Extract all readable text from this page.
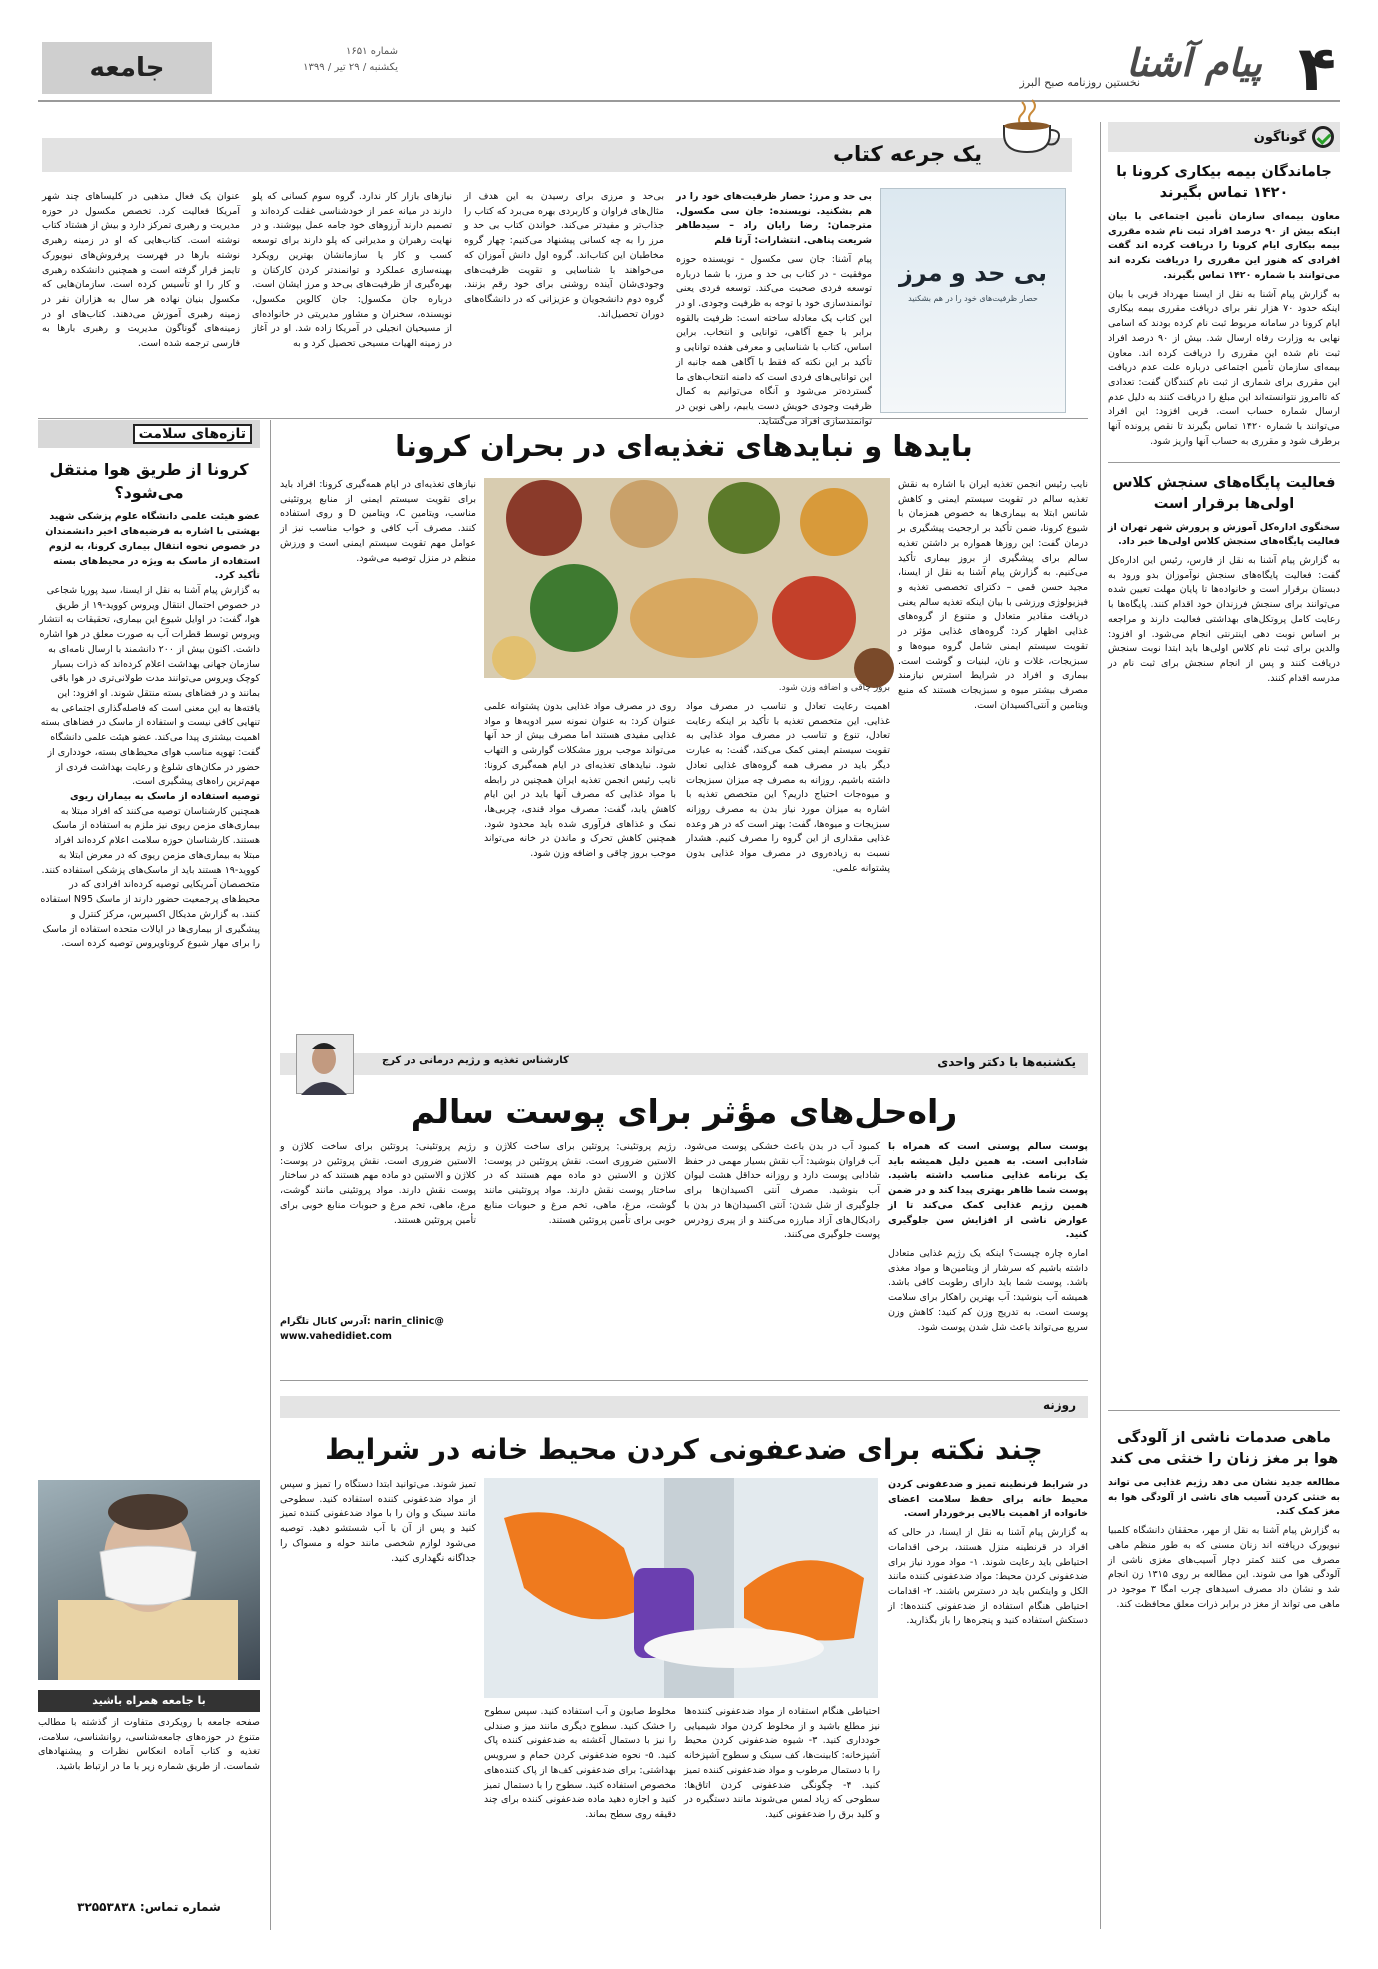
۴
پیام آشنا
نخستین روزنامه صبح البرز
شماره ۱۶۵۱
یکشنبه / ۲۹ تیر / ۱۳۹۹
جامعه
گوناگون
جاماندگان بیمه بیکاری کرونا با ۱۴۲۰ تماس بگیرند

معاون بیمه‌ای سازمان تأمین اجتماعی با بیان اینکه بیش از ۹۰ درصد افراد ثبت نام شده مقرری بیمه بیکاری ایام کرونا را دریافت کرده اند گفت افرادی که هنوز این مقرری را دریافت نکرده اند می‌توانند با شماره ۱۴۲۰ تماس بگیرند.

به گزارش پیام آشنا به نقل از ایسنا مهرداد قربی با بیان اینکه حدود ۷۰ هزار نفر برای دریافت مقرری بیمه بیکاری ایام کرونا در سامانه مربوط ثبت نام کرده بودند که اسامی نهایی به وزارت رفاه ارسال شد. بیش از ۹۰ درصد افراد ثبت نام شده این مقرری را دریافت کرده اند. معاون بیمه‌ای سازمان تأمین اجتماعی درباره علت عدم دریافت این مقرری برای شماری از ثبت نام کنندگان گفت: تعدادی که تاامروز نتوانسته‌اند این مبلغ را دریافت کنند به دلیل عدم ارسال شماره حساب است. قربی افزود: این افراد می‌توانند با شماره ۱۴۲۰ تماس بگیرند تا نقص پرونده آنها برطرف شود و مقرری به حساب آنها واریز شود.

فعالیت پایگاه‌های سنجش کلاس اولی‌ها برقرار است

سخنگوی اداره‌کل آموزش و پرورش شهر تهران از فعالیت پایگاه‌های سنجش کلاس اولی‌ها خبر داد.

به گزارش پیام آشنا به نقل از فارس، رئیس این اداره‌کل گفت: فعالیت پایگاه‌های سنجش نوآموزان بدو ورود به دبستان برقرار است و خانواده‌ها تا پایان مهلت تعیین شده می‌توانند برای سنجش فرزندان خود اقدام کنند. پایگاه‌ها با رعایت کامل پروتکل‌های بهداشتی فعالیت دارند و مراجعه بر اساس نوبت دهی اینترنتی انجام می‌شود. او افزود: والدین برای ثبت نام کلاس اولی‌ها باید ابتدا نوبت سنجش دریافت کنند و پس از انجام سنجش برای ثبت نام در مدرسه اقدام کنند.

ماهی صدمات ناشی از آلودگی هوا بر مغز زنان را خنثی می کند

مطالعه جدید نشان می دهد رژیم غذایی می تواند به خنثی کردن آسیب های ناشی از آلودگی هوا به مغز کمک کند.

به گزارش پیام آشنا به نقل از مهر، محققان دانشگاه کلمبیا نیویورک دریافته اند زنان مسنی که به طور منظم ماهی مصرف می کنند کمتر دچار آسیب‌های مغزی ناشی از آلودگی هوا می شوند. این مطالعه بر روی ۱۳۱۵ زن انجام شد و نشان داد مصرف اسیدهای چرب امگا ۳ موجود در ماهی می تواند از مغز در برابر ذرات معلق محافظت کند.

یک جرعه کتاب
بی حد و مرز
حصار ظرفیت‌های خود را در هم بشکنید

بی حد و مرز: حصار ظرفیت‌های خود را در هم بشکنید. نویسنده: جان سی مکسول. مترجمان: رضا رایان راد – سیدطاهر شریعت پناهی. انتشارات: آرتا قلم

پیام آشنا: جان سی مکسول - نویسنده حوزه موفقیت - در کتاب بی حد و مرز، با شما درباره توسعه فردی صحبت می‌کند. توسعه فردی یعنی توانمندسازی خود با توجه به ظرفیت وجودی. او در این کتاب یک معادله ساخته است: ظرفیت بالقوه برابر با جمع آگاهی، توانایی و انتخاب. براین اساس، کتاب با شناسایی و معرفی هفده توانایی و تأکید بر این نکته که فقط با آگاهی همه جانبه از این توانایی‌های فردی است که دامنه انتخاب‌های ما گسترده‌تر می‌شود و آنگاه می‌توانیم به کمال ظرفیت وجودی خویش دست یابیم، راهی نوین در توانمندسازی افراد می‌گشاید.

بی‌حد و مرزی برای رسیدن به این هدف از مثال‌های فراوان و کاربردی بهره می‌برد که کتاب را جذاب‌تر و مفیدتر می‌کند. خواندن کتاب بی حد و مرز را به چه کسانی پیشنهاد می‌کنیم: چهار گروه مخاطبان این کتاب‌اند. گروه اول دانش آموزان که می‌خواهند با شناسایی و تقویت ظرفیت‌های وجودی‌شان آینده روشنی برای خود رقم بزنند. گروه دوم دانشجویان و عزیزانی که در دانشگاه‌های دوران تحصیل‌اند.

نیازهای بازار کار ندارد. گروه سوم کسانی که پلو دارند در میانه عمر از خودشناسی غفلت کرده‌اند و تصمیم دارند آرزوهای خود جامه عمل بپوشند. و در نهایت رهبران و مدیرانی که پلو دارند برای توسعه کسب و کار یا سازمانشان بهترین رویکرد بهینه‌سازی عملکرد و توانمندتر کردن کارکنان و بهره‌گیری از ظرفیت‌های بی‌حد و مرز ایشان است. درباره جان مکسول: جان کالوین مکسول، نویسنده، سخنران و مشاور مدیریتی در خانواده‌ای از مسیحیان انجیلی در آمریکا زاده شد. او در آغاز در زمینه الهیات مسیحی تحصیل کرد و به

عنوان یک فعال مذهبی در کلیساهای چند شهر آمریکا فعالیت کرد. تخصص مکسول در حوزه مدیریت و رهبری تمرکز دارد و بیش از هشتاد کتاب نوشته است. کتاب‌هایی که او در زمینه رهبری نوشته بارها در فهرست پرفروش‌های نیویورک تایمز قرار گرفته است و همچنین دانشکده رهبری و کار را او تأسیس کرده است. سازمان‌هایی که مکسول بنیان نهاده هر سال به هزاران نفر در زمینه رهبری آموزش می‌دهند. کتاب‌های او در زمینه‌های گوناگون مدیریت و رهبری بارها به فارسی ترجمه شده است.

تازه‌های سلامت
کرونا از طریق هوا منتقل می‌شود؟

عضو هیئت علمی دانشگاه علوم پزشکی شهید بهشتی با اشاره به فرضیه‌های اخیر دانشمندان در خصوص نحوه انتقال بیماری کرونا، به لزوم استفاده از ماسک به ویژه در محیط‌های بسته تأکید کرد.

به گزارش پیام آشنا به نقل از ایسنا، سید پوریا شجاعی در خصوص احتمال انتقال ویروس کووید-۱۹ از طریق هوا، گفت: در اوایل شیوع این بیماری، تحقیقات به انتشار ویروس توسط قطرات آب به صورت معلق در هوا اشاره داشت. اکنون بیش از ۲۰۰ دانشمند با ارسال نامه‌ای به سازمان جهانی بهداشت اعلام کرده‌اند که ذرات بسیار کوچک ویروس می‌توانند مدت طولانی‌تری در هوا باقی بمانند و در فضاهای بسته منتقل شوند. او افزود: این یافته‌ها به این معنی است که فاصله‌گذاری اجتماعی به تنهایی کافی نیست و استفاده از ماسک در فضاهای بسته اهمیت بیشتری پیدا می‌کند. عضو هیئت علمی دانشگاه گفت: تهویه مناسب هوای محیط‌های بسته، خودداری از حضور در مکان‌های شلوغ و رعایت بهداشت فردی از مهم‌ترین راه‌های پیشگیری است.

توصیه استفاده از ماسک به بیماران ریوی

همچنین کارشناسان توصیه می‌کنند که افراد مبتلا به بیماری‌های مزمن ریوی نیز ملزم به استفاده از ماسک هستند. کارشناسان حوزه سلامت اعلام کرده‌اند افراد مبتلا به بیماری‌های مزمن ریوی که در معرض ابتلا به کووید-۱۹ هستند باید از ماسک‌های پزشکی استفاده کنند. متخصصان آمریکایی توصیه کرده‌اند افرادی که در محیط‌های پرجمعیت حضور دارند از ماسک N95 استفاده کنند. به گزارش مدیکال اکسپرس، مرکز کنترل و پیشگیری از بیماری‌ها در ایالات متحده استفاده از ماسک را برای مهار شیوع کروناویروس توصیه کرده است.

با جامعه همراه باشید

صفحه جامعه با رویکردی متفاوت از گذشته با مطالب متنوع در حوزه‌های جامعه‌شناسی، روانشناسی، سلامت، تغذیه و کتاب آماده انعکاس نظرات و پیشنهادهای شماست. از طریق شماره زیر با ما در ارتباط باشید.

شماره تماس: ۳۲۵۵۳۸۳۸
بایدها و نبایدهای تغذیه‌ای در بحران کرونا
بروز چاقی و اضافه وزن شود.

نایب رئیس انجمن تغذیه ایران با اشاره به نقش تغذیه سالم در تقویت سیستم ایمنی و کاهش شانس ابتلا به بیماری‌ها به خصوص همزمان با شیوع کرونا، ضمن تأکید بر ارجحیت پیشگیری بر درمان گفت: این روزها همواره بر داشتن تغذیه سالم برای پیشگیری از بروز بیماری تأکید می‌کنیم. به گزارش پیام آشنا به نقل از ایسنا، مجید حسن قمی – دکترای تخصصی تغذیه و فیزیولوژی ورزشی با بیان اینکه تغذیه سالم یعنی دریافت مقادیر متعادل و متنوع از گروه‌های غذایی اظهار کرد: گروه‌های غذایی مؤثر در تقویت سیستم ایمنی شامل گروه میوه‌ها و سبزیجات، غلات و نان، لبنیات و گوشت است. بیماری و افراد در شرایط استرس نیازمند مصرف بیشتر میوه و سبزیجات هستند که منبع ویتامین و آنتی‌اکسیدان است.

اهمیت رعایت تعادل و تناسب در مصرف مواد غذایی. این متخصص تغذیه با تأکید بر اینکه رعایت تعادل، تنوع و تناسب در مصرف مواد غذایی به تقویت سیستم ایمنی کمک می‌کند، گفت: به عبارت دیگر باید در مصرف همه گروه‌های غذایی تعادل داشته باشیم. روزانه به مصرف چه میزان سبزیجات و میوه‌جات احتیاج داریم؟ این متخصص تغذیه با اشاره به میزان مورد نیاز بدن به مصرف روزانه سبزیجات و میوه‌ها، گفت: بهتر است که در هر وعده غذایی مقداری از این گروه را مصرف کنیم. هشدار نسبت به زیاده‌روی در مصرف مواد غذایی بدون پشتوانه علمی.

روی در مصرف مواد غذایی بدون پشتوانه علمی عنوان کرد: به عنوان نمونه سیر ادویه‌ها و مواد غذایی مفیدی هستند اما مصرف بیش از حد آنها می‌تواند موجب بروز مشکلات گوارشی و التهاب شود. نبایدهای تغذیه‌ای در ایام همه‌گیری کرونا: نایب رئیس انجمن تغذیه ایران همچنین در رابطه با مواد غذایی که مصرف آنها باید در این ایام کاهش یابد، گفت: مصرف مواد قندی، چربی‌ها، نمک و غذاهای فرآوری شده باید محدود شود. همچنین کاهش تحرک و ماندن در خانه می‌تواند موجب بروز چاقی و اضافه وزن شود.

نیازهای تغذیه‌ای در ایام همه‌گیری کرونا: افراد باید برای تقویت سیستم ایمنی از منابع پروتئینی مناسب، ویتامین C، ویتامین D و روی استفاده کنند. مصرف آب کافی و خواب مناسب نیز از عوامل مهم تقویت سیستم ایمنی است و ورزش منظم در منزل توصیه می‌شود.

یکشنبه‌ها با دکتر واحدی
کارشناس تغذیه و رژیم درمانی در کرج
راه‌حل‌های مؤثر برای پوست سالم

پوست سالم پوستی است که همراه با شادابی است. به همین دلیل همیشه باید یک برنامه غذایی مناسب داشته باشید. پوست شما ظاهر بهتری پیدا کند و در ضمن همین رژیم غذایی کمک می‌کند تا از عوارض ناشی از افزایش سن جلوگیری کنید.

اماره چاره چیست؟ اینکه یک رژیم غذایی متعادل داشته باشیم که سرشار از ویتامین‌ها و مواد مغذی باشد. پوست شما باید دارای رطوبت کافی باشد. همیشه آب بنوشید: آب بهترین راهکار برای سلامت پوست است. به تدریج وزن کم کنید: کاهش وزن سریع می‌تواند باعث شل شدن پوست شود.

کمبود آب در بدن باعث خشکی پوست می‌شود. آب فراوان بنوشید: آب نقش بسیار مهمی در حفظ شادابی پوست دارد و روزانه حداقل هشت لیوان آب بنوشید. مصرف آنتی اکسیدان‌ها برای جلوگیری از شل شدن: آنتی اکسیدان‌ها در بدن با رادیکال‌های آزاد مبارزه می‌کنند و از پیری زودرس پوست جلوگیری می‌کنند.

رژیم پروتئینی: پروتئین برای ساخت کلاژن و الاستین ضروری است. نقش پروتئین در پوست: کلاژن و الاستین دو ماده مهم هستند که در ساختار پوست نقش دارند. مواد پروتئینی مانند گوشت، مرغ، ماهی، تخم مرغ و حبوبات منابع خوبی برای تأمین پروتئین هستند.

رژیم پروتئینی: پروتئین برای ساخت کلاژن و الاستین ضروری است. نقش پروتئین در پوست: کلاژن و الاستین دو ماده مهم هستند که در ساختار پوست نقش دارند. مواد پروتئینی مانند گوشت، مرغ، ماهی، تخم مرغ و حبوبات منابع خوبی برای تأمین پروتئین هستند.

آدرس کانال تلگرام: narin_clinic@
www.vahedidiet.com
روزنه
چند نکته برای ضدعفونی کردن محیط خانه در شرایط

در شرایط قرنطینه تمیز و ضدعفونی کردن محیط خانه برای حفظ سلامت اعضای خانواده از اهمیت بالایی برخوردار است.

به گزارش پیام آشنا به نقل از ایسنا، در حالی که افراد در قرنطینه منزل هستند، برخی اقدامات احتیاطی باید رعایت شوند. ۱- مواد مورد نیاز برای ضدعفونی کردن محیط: مواد ضدعفونی کننده مانند الکل و وایتکس باید در دسترس باشند. ۲- اقدامات احتیاطی هنگام استفاده از ضدعفونی کننده‌ها: از دستکش استفاده کنید و پنجره‌ها را باز بگذارید.

احتیاطی هنگام استفاده از مواد ضدعفونی کننده‌ها نیز مطلع باشید و از مخلوط کردن مواد شیمیایی خودداری کنید. ۳- شیوه ضدعفونی کردن محیط آشپزخانه: کابینت‌ها، کف سینک و سطوح آشپزخانه را با دستمال مرطوب و مواد ضدعفونی کننده تمیز کنید. ۴- چگونگی ضدعفونی کردن اتاق‌ها: سطوحی که زیاد لمس می‌شوند مانند دستگیره در و کلید برق را ضدعفونی کنید.

مخلوط صابون و آب استفاده کنید. سپس سطوح را خشک کنید. سطوح دیگری مانند میز و صندلی را نیز با دستمال آغشته به ضدعفونی کننده پاک کنید. ۵- نحوه ضدعفونی کردن حمام و سرویس بهداشتی: برای ضدعفونی کف‌ها از پاک کننده‌های مخصوص استفاده کنید. سطوح را با دستمال تمیز کنید و اجازه دهید ماده ضدعفونی کننده برای چند دقیقه روی سطح بماند.

تمیز شوند. می‌توانید ابتدا دستگاه را تمیز و سپس از مواد ضدعفونی کننده استفاده کنید. سطوحی مانند سینک و وان را با مواد ضدعفونی کننده تمیز کنید و پس از آن با آب شستشو دهید. توصیه می‌شود لوازم شخصی مانند حوله و مسواک را جداگانه نگهداری کنید.
